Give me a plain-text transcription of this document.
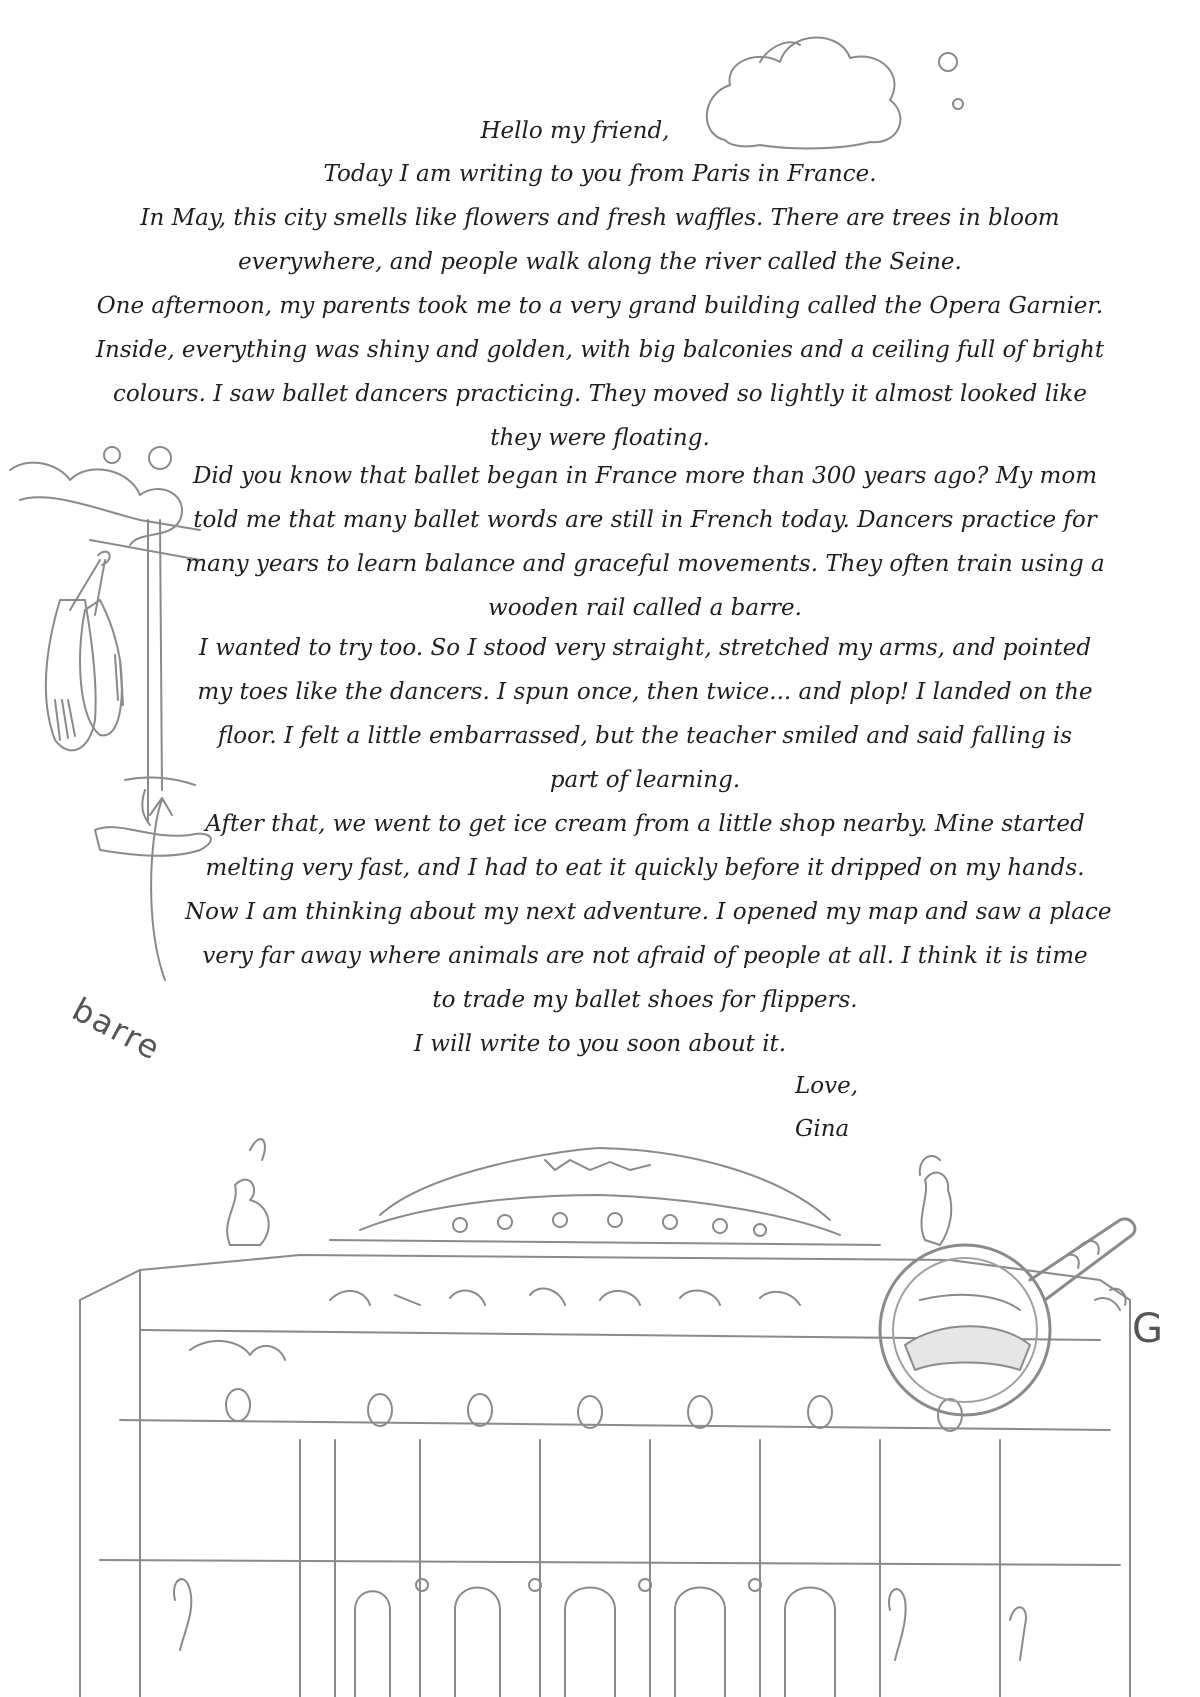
Hello my friend,
Today I am writing to you from Paris in France.
In May, this city smells like flowers and fresh waffles. There are trees in bloom
everywhere, and people walk along the river called the Seine.
One afternoon, my parents took me to a very grand building called the Opera Garnier.
Inside, everything was shiny and golden, with big balconies and a ceiling full of bright
colours. I saw ballet dancers practicing. They moved so lightly it almost looked like
they were floating.
Did you know that ballet began in France more than 300 years ago? My mom
told me that many ballet words are still in French today. Dancers practice for
many years to learn balance and graceful movements. They often train using a
wooden rail called a barre.
I wanted to try too. So I stood very straight, stretched my arms, and pointed
my toes like the dancers. I spun once, then twice... and plop! I landed on the
floor. I felt a little embarrassed, but the teacher smiled and said falling is
part of learning.
After that, we went to get ice cream from a little shop nearby. Mine started
melting very fast, and I had to eat it quickly before it dripped on my hands.
Now I am thinking about my next adventure. I opened my map and saw a place
very far away where animals are not afraid of people at all. I think it is time
to trade my ballet shoes for flippers.
I will write to you soon about it.
Love,
Gina
barre
G
